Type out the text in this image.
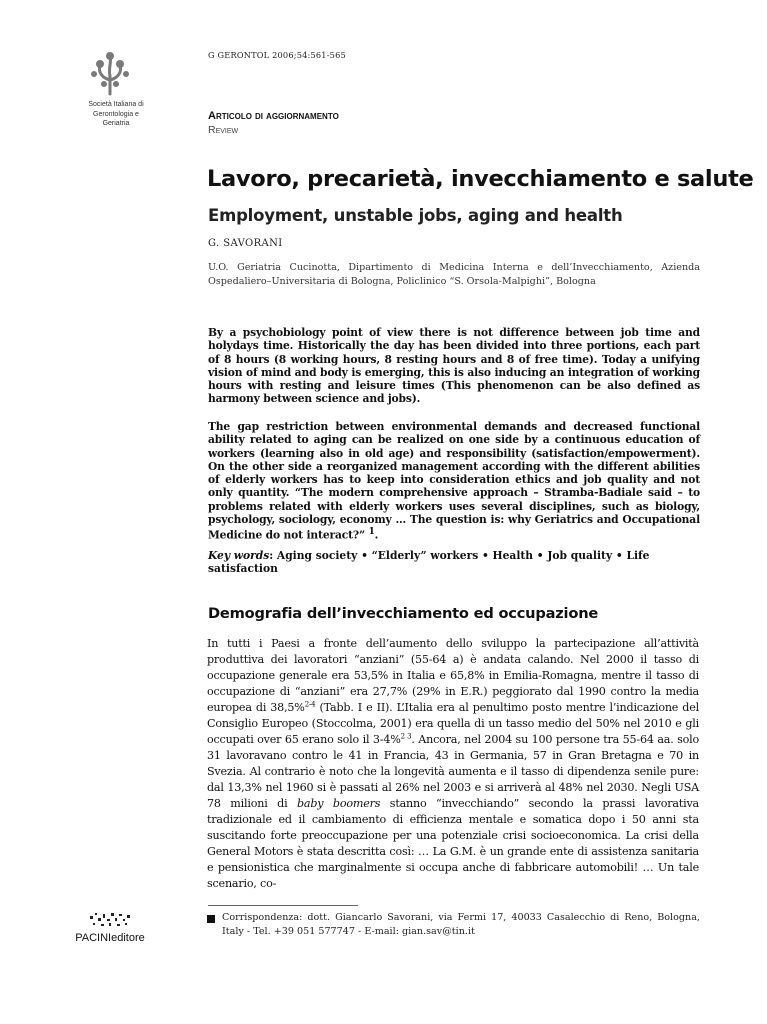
Società Italiana di
Gerontologia e
Geriatria
G GERONTOL 2006;54:561-565
Articolo di aggiornamento
Review
Lavoro, precarietà, invecchiamento e salute
Employment, unstable jobs, aging and health
G. SAVORANI
U.O. Geriatria Cucinotta, Dipartimento di Medicina Interna e dell’Invecchiamento, Azienda Ospedaliero–Universitaria di Bologna, Policlinico “S. Orsola-Malpighi”, Bologna
By a psychobiology point of view there is not difference between job time and holydays time. Historically the day has been divided into three portions, each part of 8 hours (8 working hours, 8 resting hours and 8 of free time). Today a unifying vision of mind and body is emerging, this is also inducing an integration of working hours with resting and leisure times (This phenomenon can be also defined as harmony between science and jobs).
The gap restriction between environmental demands and decreased functional ability related to aging can be realized on one side by a continuous education of workers (learning also in old age) and responsibility (satisfaction/empowerment). On the other side a reorganized management according with the different abilities of elderly workers has to keep into consideration ethics and job quality and not only quantity. “The modern comprehensive approach – Stramba-Badiale said – to problems related with elderly workers uses several disciplines, such as biology, psychology, sociology, economy … The question is: why Geriatrics and Occupational Medicine do not interact?” $^1$.
Key words: Aging society • “Elderly” workers • Health • Job quality • Life satisfaction
Demografia dell’invecchiamento ed occupazione
In tutti i Paesi a fronte dell’aumento dello sviluppo la partecipazione all’attività produttiva dei lavoratori “anziani” (55-64 a) è andata calando. Nel 2000 il tasso di occupazione generale era 53,5% in Italia e 65,8% in Emilia-Romagna, mentre il tasso di occupazione di “anziani” era 27,7% (29% in E.R.) peggiorato dal 1990 contro la media europea di 38,5%$^{2-4}$ (Tabb. I e II). L’Italia era al penultimo posto mentre l’indicazione del Consiglio Europeo (Stoccolma, 2001) era quella di un tasso medio del 50% nel 2010 e gli occupati over 65 erano solo il 3-4%$^{2 3}$. Ancora, nel 2004 su 100 persone tra 55-64 aa. solo 31 lavoravano contro le 41 in Francia, 43 in Germania, 57 in Gran Bretagna e 70 in Svezia. Al contrario è noto che la longevità aumenta e il tasso di dipendenza senile pure: dal 13,3% nel 1960 si è passati al 26% nel 2003 e si arriverà al 48% nel 2030. Negli USA 78 milioni di baby boomers stanno “invecchiando” secondo la prassi lavorativa tradizionale ed il cambiamento di efficienza mentale e somatica dopo i 50 anni sta suscitando forte preoccupazione per una potenziale crisi socioeconomica. La crisi della General Motors è stata descritta così: … La G.M. è un grande ente di assistenza sanitaria e pensionistica che marginalmente si occupa anche di fabbricare automobili! … Un tale scenario, co-
PACINIeditore
Corrispondenza: dott. Giancarlo Savorani, via Fermi 17, 40033 Casalecchio di Reno, Bologna, Italy - Tel. +39 051 577747 - E-mail: gian.sav@tin.it
